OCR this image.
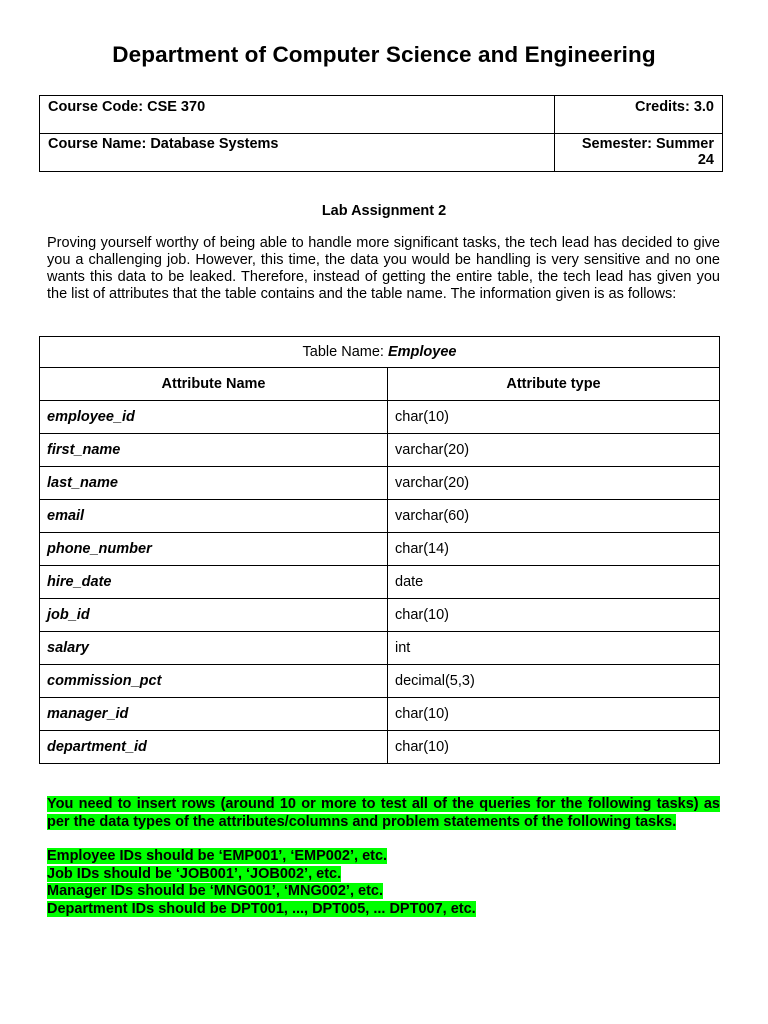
Department of Computer Science and Engineering
Course Code: CSE 370	Credits: 3.0
Course Name: Database Systems	Semester: Summer 24
Lab Assignment 2

Proving yourself worthy of being able to handle more significant tasks, the tech lead has decided to give you a challenging job. However, this time, the data you would be handling is very sensitive and no one wants this data to be leaked. Therefore, instead of getting the entire table, the tech lead has given you the list of attributes that the table contains and the table name. The information given is as follows:

Table Name: Employee	
Attribute Name	Attribute type
employee_id	char(10)
first_name	varchar(20)
last_name	varchar(20)
email	varchar(60)
phone_number	char(14)
hire_date	date
job_id	char(10)
salary	int
commission_pct	decimal(5,3)
manager_id	char(10)
department_id	char(10)

You need to insert rows (around 10 or more to test all of the queries for the following tasks) as per the data types of the attributes/columns and problem statements of the following tasks.

Employee IDs should be ‘EMP001’, ‘EMP002’, etc.
Job IDs should be ‘JOB001’, ‘JOB002’, etc.
Manager IDs should be ‘MNG001’, ‘MNG002’, etc.
Department IDs should be DPT001, ..., DPT005, ... DPT007, etc.
